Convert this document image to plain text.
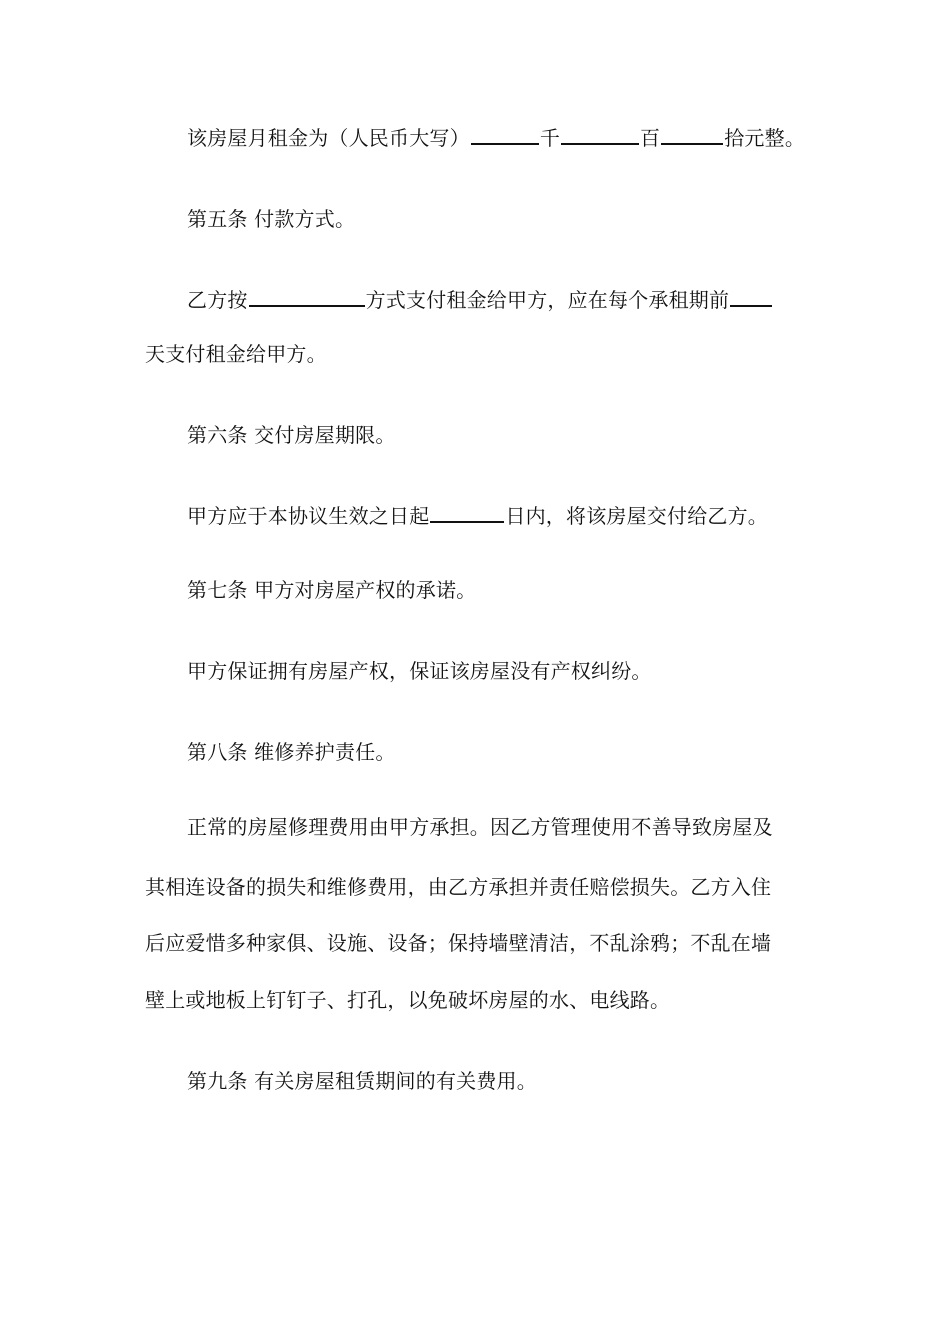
该房屋月租金为（人民币大写）	千	百	拾元整。
第五条 付款方式。
乙方按	方式支付租金给甲方，应在每个承租期前
天支付租金给甲方。
第六条 交付房屋期限。
甲方应于本协议生效之日起	日内，将该房屋交付给乙方。
第七条 甲方对房屋产权的承诺。
甲方保证拥有房屋产权，保证该房屋没有产权纠纷。
第八条 维修养护责任。
正常的房屋修理费用由甲方承担。因乙方管理使用不善导致房屋及
其相连设备的损失和维修费用，由乙方承担并责任赔偿损失。乙方入住
后应爱惜多种家俱、设施、设备；保持墙壁清洁，不乱涂鸦；不乱在墙
壁上或地板上钉钉子、打孔，以免破坏房屋的水、电线路。
第九条 有关房屋租赁期间的有关费用。
